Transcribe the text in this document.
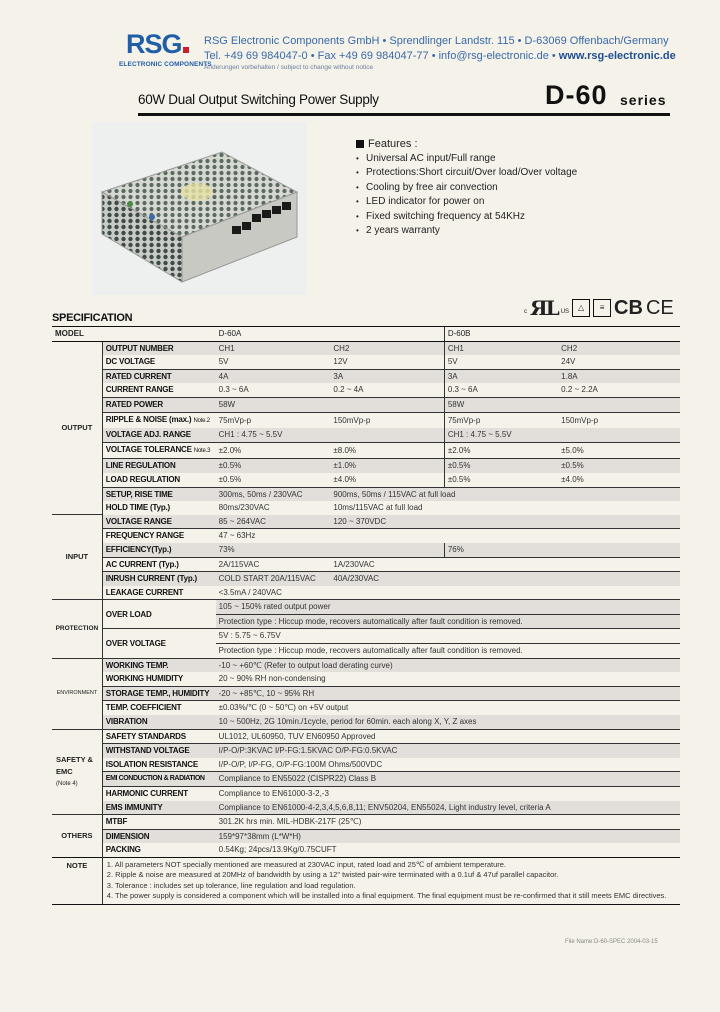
RSG
ELECTRONIC COMPONENTS
RSG Electronic Components GmbH • Sprendlinger Landstr. 115 • D-63069 Offenbach/Germany
Tel. +49 69 984047-0 • Fax +49 69 984047-77 • info@rsg-electronic.de • www.rsg-electronic.de
Änderungen vorbehalten / subject to change without notice
60W Dual Output Switching Power Supply	D-60 series
Features :
• Universal AC input/Full range
• Protections:Short circuit/Over load/Over voltage
• Cooling by free air convection
• LED indicator for power on
• Fixed switching frequency at 54KHz
• 2 years warranty
c ЯL US	△	≡ CB CE
SPECIFICATION
MODEL		D-60A		D-60B	
OUTPUT	OUTPUT NUMBER	CH1	CH2	CH1	CH2
	DC VOLTAGE	5V	12V	5V	24V
	RATED CURRENT	4A	3A	3A	1.8A
	CURRENT RANGE	0.3 ~ 6A	0.2 ~ 4A	0.3 ~ 6A	0.2 ~ 2.2A
	RATED POWER	58W		58W	
	RIPPLE & NOISE (max.) Note.2	75mVp-p	150mVp-p	75mVp-p	150mVp-p
	VOLTAGE ADJ. RANGE	CH1 : 4.75 ~ 5.5V		CH1 : 4.75 ~ 5.5V	
	VOLTAGE TOLERANCE Note.3	±2.0%	±8.0%	±2.0%	±5.0%
	LINE REGULATION	±0.5%	±1.0%	±0.5%	±0.5%
	LOAD REGULATION	±0.5%	±4.0%	±0.5%	±4.0%
	SETUP, RISE TIME	300ms, 50ms / 230VAC	900ms, 50ms / 115VAC at full load		
	HOLD TIME (Typ.)	80ms/230VAC	10ms/115VAC at full load		
INPUT	VOLTAGE RANGE	85 ~ 264VAC	120 ~ 370VDC		
	FREQUENCY RANGE	47 ~ 63Hz			
	EFFICIENCY(Typ.)	73%		76%	
	AC CURRENT (Typ.)	2A/115VAC	1A/230VAC		
	INRUSH CURRENT (Typ.)	COLD START 20A/115VAC	40A/230VAC		
	LEAKAGE CURRENT	<3.5mA / 240VAC			
PROTECTION	OVER LOAD	105 ~ 150% rated output power			
		Protection type : Hiccup mode, recovers automatically after fault condition is removed.			
	OVER VOLTAGE	5V : 5.75 ~ 6.75V			
		Protection type : Hiccup mode, recovers automatically after fault condition is removed.			
ENVIRONMENT	WORKING TEMP.	-10 ~ +60℃ (Refer to output load derating curve)			
	WORKING HUMIDITY	20 ~ 90% RH non-condensing			
	STORAGE TEMP., HUMIDITY	-20 ~ +85℃, 10 ~ 95% RH			
	TEMP. COEFFICIENT	±0.03%/℃ (0 ~ 50℃) on +5V output			
	VIBRATION	10 ~ 500Hz, 2G 10min./1cycle, period for 60min. each along X, Y, Z axes			

SAFETY &
EMC
(Note 4)	SAFETY STANDARDS	UL1012, UL60950, TUV EN60950 Approved			
	WITHSTAND VOLTAGE	I/P-O/P:3KVAC I/P-FG:1.5KVAC O/P-FG:0.5KVAC			
	ISOLATION RESISTANCE	I/P-O/P, I/P-FG, O/P-FG:100M Ohms/500VDC			
	EMI CONDUCTION & RADIATION	Compliance to EN55022 (CISPR22) Class B			
	HARMONIC CURRENT	Compliance to EN61000-3-2,-3			
	EMS IMMUNITY	Compliance to EN61000-4-2,3,4,5,6,8,11; ENV50204, EN55024, Light industry level, criteria A			
OTHERS	MTBF	301.2K hrs min. MIL-HDBK-217F (25℃)			
	DIMENSION	159*97*38mm (L*W*H)			
	PACKING	0.54Kg; 24pcs/13.9Kg/0.75CUFT			
NOTE	1. All parameters NOT specially mentioned are measured at 230VAC input, rated load and 25℃ of ambient temperature.
2. Ripple & noise are measured at 20MHz of bandwidth by using a 12" twisted pair-wire terminated with a 0.1uf & 47uf parallel capacitor.
3. Tolerance : includes set up tolerance, line regulation and load regulation.
4. The power supply is considered a component which will be installed into a final equipment. The final equipment must be re-confirmed that it still meets EMC directives.				
File Name:D-60-SPEC 2004-03-15
